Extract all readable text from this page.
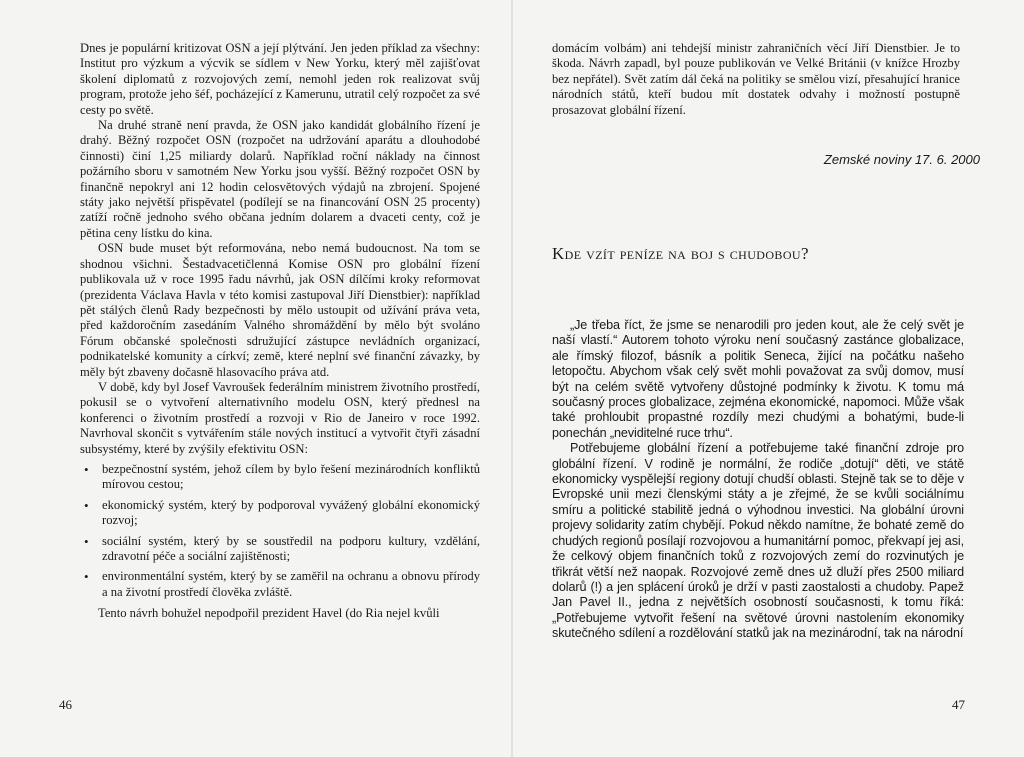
Dnes je populární kritizovat OSN a její plýtvání. Jen jeden příklad za všechny: Institut pro výzkum a výcvik se sídlem v New Yorku, který měl zajišťovat školení diplomatů z rozvojových zemí, nemohl jeden rok realizovat svůj program, protože jeho šéf, pocházející z Kamerunu, utratil celý rozpočet za své cesty po světě.

Na druhé straně není pravda, že OSN jako kandidát globálního řízení je drahý. Běžný rozpočet OSN (rozpočet na udržování aparátu a dlouhodobé činnosti) činí 1,25 miliardy dolarů. Například roční náklady na činnost požárního sboru v samotném New Yorku jsou vyšší. Běžný rozpočet OSN by finančně nepokryl ani 12 hodin celosvětových výdajů na zbrojení. Spojené státy jako největší přispěvatel (podílejí se na financování OSN 25 procenty) zatíží ročně jednoho svého občana jedním dolarem a dvaceti centy, což je pětina ceny lístku do kina.

OSN bude muset být reformována, nebo nemá budoucnost. Na tom se shodnou všichni. Šestadvacetičlenná Komise OSN pro globální řízení publikovala už v roce 1995 řadu návrhů, jak OSN dílčími kroky reformovat (prezidenta Václava Havla v této komisi zastupoval Jiří Dienstbier): například pět stálých členů Rady bezpečnosti by mělo ustoupit od užívání práva veta, před každoročním zasedáním Valného shromáždění by mělo být svoláno Fórum občanské společnosti sdružující zástupce nevládních organizací, podnikatelské komunity a církví; země, které neplní své finanční závazky, by měly být zbaveny dočasně hlasovacího práva atd.

V době, kdy byl Josef Vavroušek federálním ministrem životního prostředí, pokusil se o vytvoření alternativního modelu OSN, který přednesl na konferenci o životním prostředí a rozvoji v Rio de Janeiro v roce 1992. Navrhoval skončit s vytvářením stále nových institucí a vytvořit čtyři zásadní subsystémy, které by zvýšily efektivitu OSN:

• bezpečnostní systém, jehož cílem by bylo řešení mezinárodních konfliktů mírovou cestou;
• ekonomický systém, který by podporoval vyvážený globální ekonomický rozvoj;
• sociální systém, který by se soustředil na podporu kultury, vzdělání, zdravotní péče a sociální zajištěnosti;
• environmentální systém, který by se zaměřil na ochranu a obnovu přírody a na životní prostředí člověka zvláště.

Tento návrh bohužel nepodpořil prezident Havel (do Ria nejel kvůli

46

domácím volbám) ani tehdejší ministr zahraničních věcí Jiří Dienstbier. Je to škoda. Návrh zapadl, byl pouze publikován ve Velké Británii (v knížce Hrozby bez nepřátel). Svět zatím dál čeká na politiky se smělou vizí, přesahující hranice národních států, kteří budou mít dostatek odvahy i možností postupně prosazovat globální řízení.

Zemské noviny 17. 6. 2000
Kde vzít peníze na boj s chudobou?

„Je třeba říct, že jsme se nenarodili pro jeden kout, ale že celý svět je naší vlastí.“ Autorem tohoto výroku není současný zastánce globalizace, ale římský filozof, básník a politik Seneca, žijící na počátku našeho letopočtu. Abychom však celý svět mohli považovat za svůj domov, musí být na celém světě vytvořeny důstojné podmínky k životu. K tomu má současný proces globalizace, zejména ekonomické, napomoci. Může však také prohloubit propastné rozdíly mezi chudými a bohatými, bude-li ponechán „neviditelné ruce trhu“.

Potřebujeme globální řízení a potřebujeme také finanční zdroje pro globální řízení. V rodině je normální, že rodiče „dotují“ děti, ve státě ekonomicky vyspělejší regiony dotují chudší oblasti. Stejně tak se to děje v Evropské unii mezi členskými státy a je zřejmé, že se kvůli sociálnímu smíru a politické stabilitě jedná o výhodnou investici. Na globální úrovni projevy solidarity zatím chybějí. Pokud někdo namítne, že bohaté země do chudých regionů posílají rozvojovou a humanitární pomoc, překvapí jej asi, že celkový objem finančních toků z rozvojových zemí do rozvinutých je třikrát větší než naopak. Rozvojové země dnes už dluží přes 2500 miliard dolarů (!) a jen splácení úroků je drží v pasti zaostalosti a chudoby. Papež Jan Pavel II., jedna z největších osobností současnosti, k tomu říká: „Potřebujeme vytvořit řešení na světové úrovni nastolením ekonomiky skutečného sdílení a rozdělování statků jak na mezinárodní, tak na národní

47
